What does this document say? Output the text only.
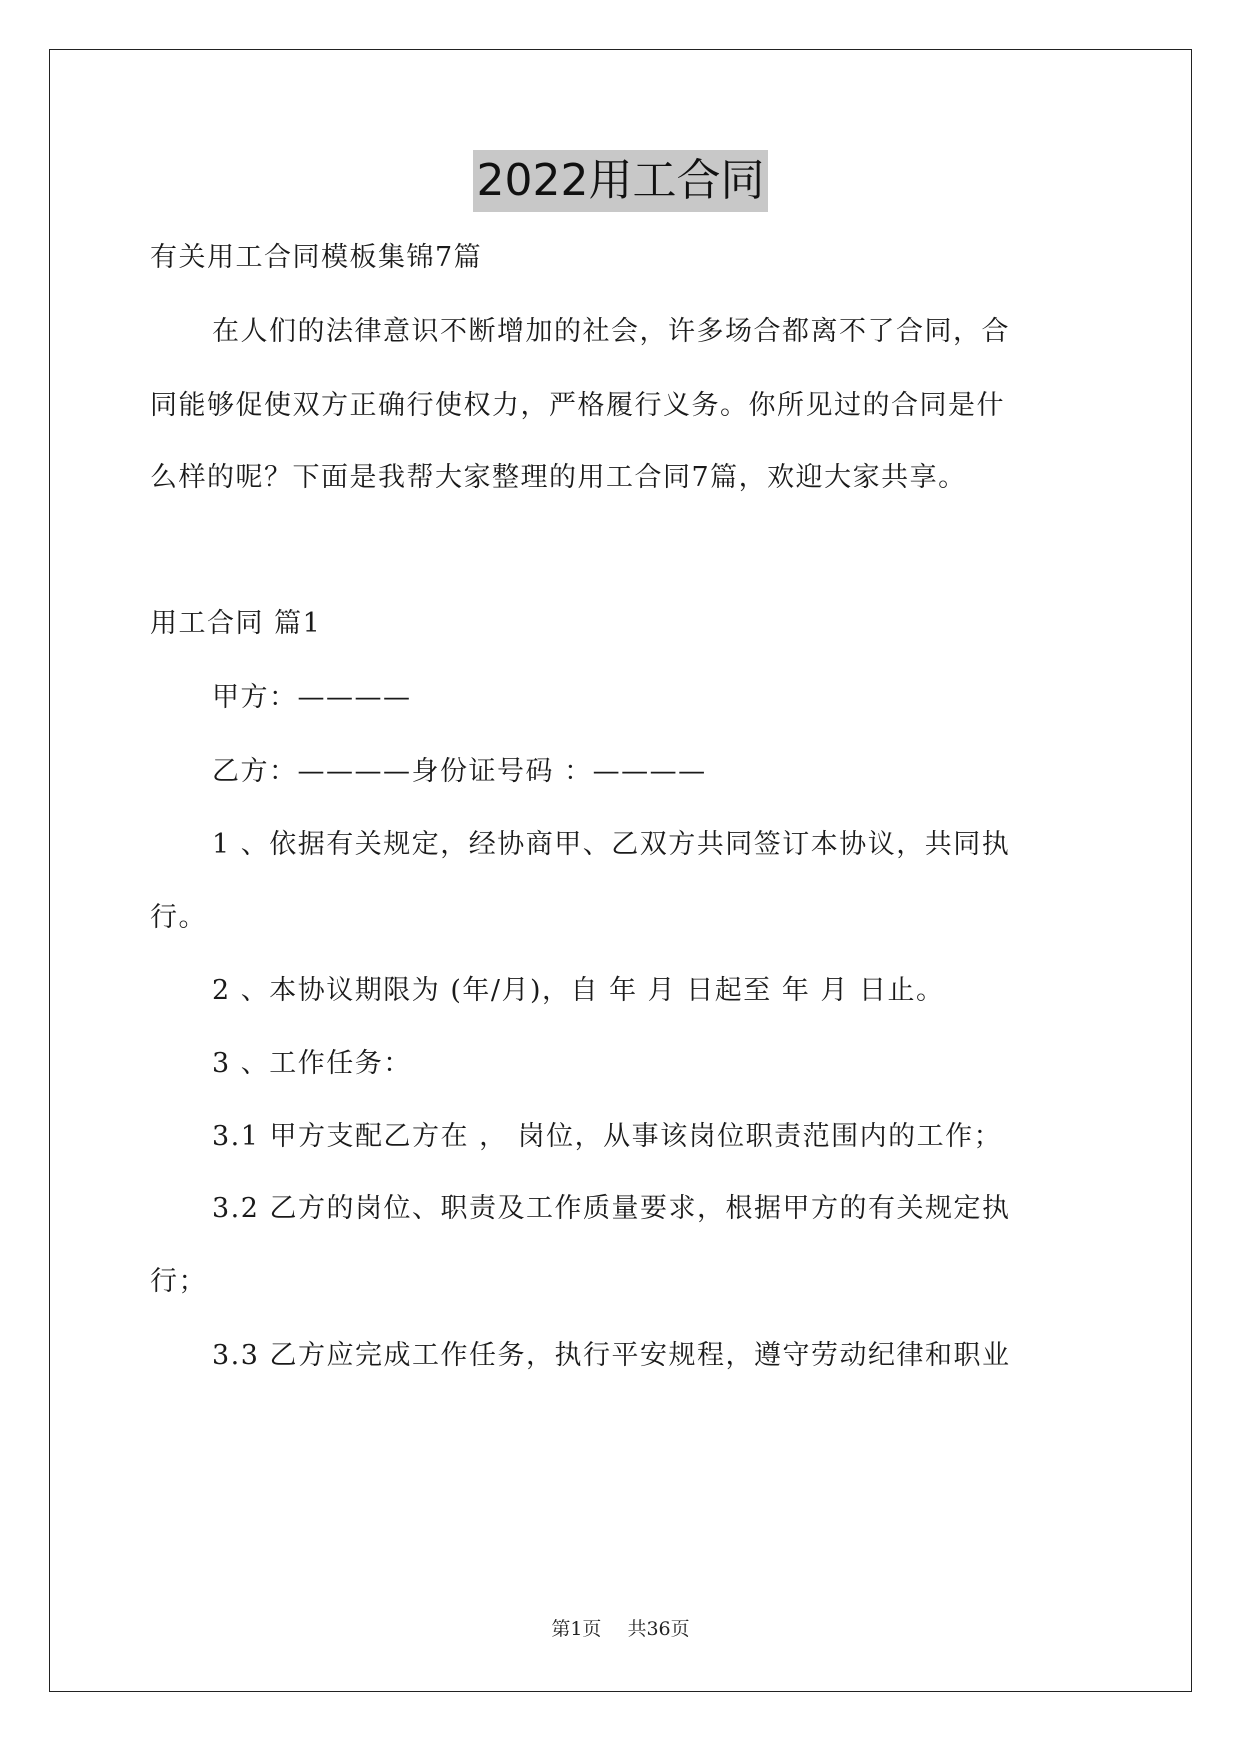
2022用工合同
有关用工合同模板集锦7篇
在人们的法律意识不断增加的社会，许多场合都离不了合同，合
同能够促使双方正确行使权力，严格履行义务。你所见过的合同是什
么样的呢？下面是我帮大家整理的用工合同7篇，欢迎大家共享。
用工合同 篇1
甲方：————
乙方：————身份证号码 ：————
1 、依据有关规定，经协商甲、乙双方共同签订本协议，共同执
行。
2 、本协议期限为 (年/月)，自 年 月 日起至 年 月 日止。
3 、工作任务：
3.1 甲方支配乙方在 ， 岗位，从事该岗位职责范围内的工作；
3.2 乙方的岗位、职责及工作质量要求，根据甲方的有关规定执
行；
3.3 乙方应完成工作任务，执行平安规程，遵守劳动纪律和职业
第1页 共36页
